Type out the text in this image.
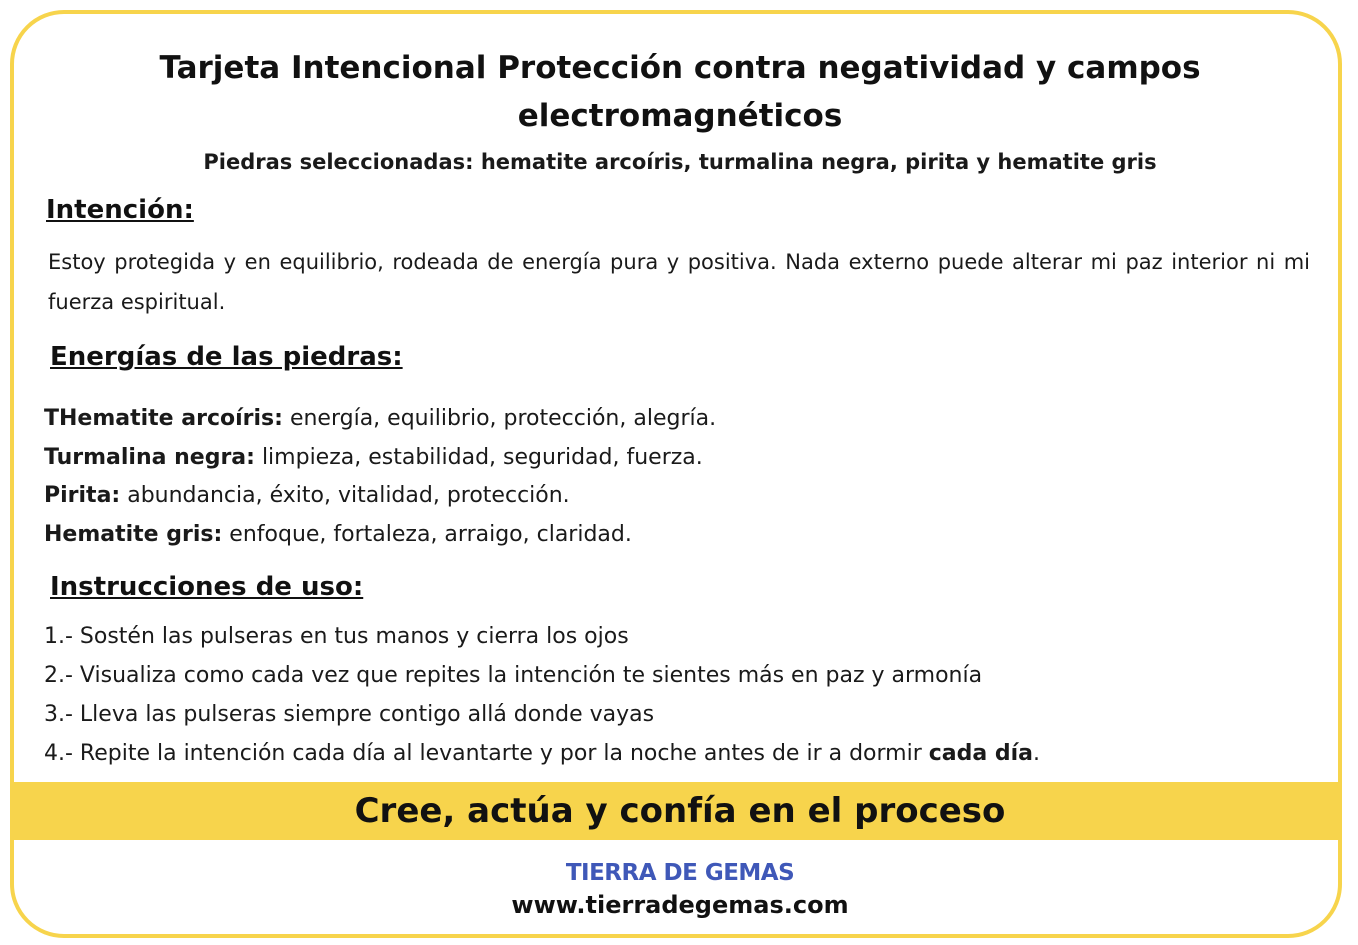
Tarjeta Intencional Protección contra negatividad y campos electromagnéticos
Piedras seleccionadas: hematite arcoíris, turmalina negra, pirita y hematite gris
Intención:
Estoy protegida y en equilibrio, rodeada de energía pura y positiva. Nada externo puede alterar mi paz interior ni mi fuerza espiritual.
Energías de las piedras:
THematite arcoíris: energía, equilibrio, protección, alegría.
Turmalina negra: limpieza, estabilidad, seguridad, fuerza.
Pirita: abundancia, éxito, vitalidad, protección.
Hematite gris: enfoque, fortaleza, arraigo, claridad.
Instrucciones de uso:
1.- Sostén las pulseras en tus manos y cierra los ojos
2.- Visualiza como cada vez que repites la intención te sientes más en paz y armonía
3.- Lleva las pulseras siempre contigo allá donde vayas
4.- Repite la intención cada día al levantarte y por la noche antes de ir a dormir cada día.
Cree, actúa y confía en el proceso
TIERRA DE GEMAS
www.tierradegemas.com
